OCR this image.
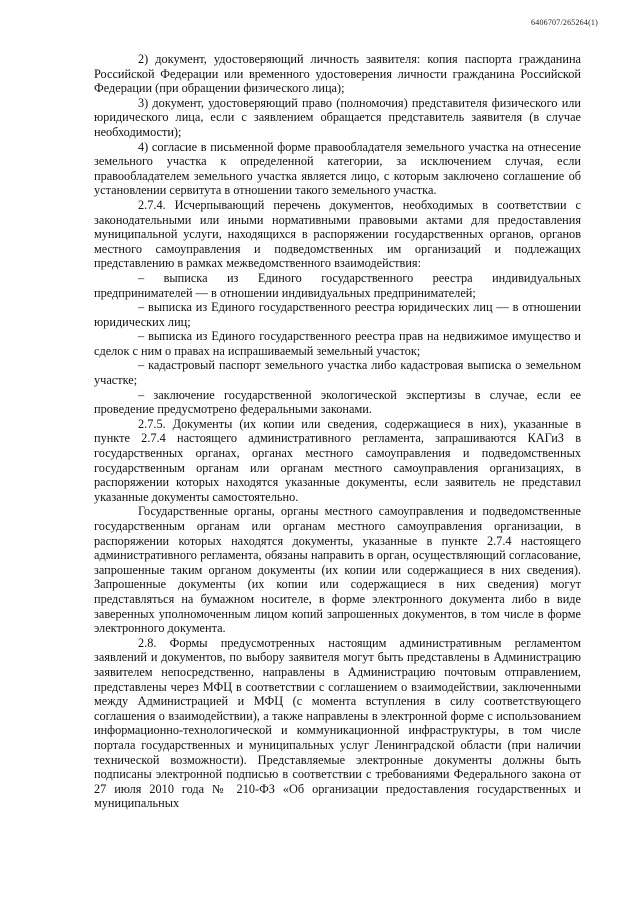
6406707/265264(1)

2) документ, удостоверяющий личность заявителя: копия паспорта гражданина Российской Федерации или временного удостоверения личности гражданина Российской Федерации (при обращении физического лица);

3) документ, удостоверяющий право (полномочия) представителя физического или юридического лица, если с заявлением обращается представитель заявителя (в случае необходимости);

4) согласие в письменной форме правообладателя земельного участка на отнесение земельного участка к определенной категории, за исключением случая, если правообладателем земельного участка является лицо, с которым заключено соглашение об установлении сервитута в отношении такого земельного участка.

2.7.4. Исчерпывающий перечень документов, необходимых в соответствии с законодательными или иными нормативными правовыми актами для предоставления муниципальной услуги, находящихся в распоряжении государственных органов, органов местного самоуправления и подведомственных им организаций и подлежащих представлению в рамках межведомственного взаимодействия:

– выписка из Единого государственного реестра индивидуальных предпринимателей — в отношении индивидуальных предпринимателей;

– выписка из Единого государственного реестра юридических лиц — в отношении юридических лиц;

– выписка из Единого государственного реестра прав на недвижимое имущество и сделок с ним о правах на испрашиваемый земельный участок;

– кадастровый паспорт земельного участка либо кадастровая выписка о земельном участке;

– заключение государственной экологической экспертизы в случае, если ее проведение предусмотрено федеральными законами.

2.7.5. Документы (их копии или сведения, содержащиеся в них), указанные в пункте 2.7.4 настоящего административного регламента, запрашиваются КАГиЗ в государственных органах, органах местного самоуправления и подведомственных государственным органам или органам местного самоуправления организациях, в распоряжении которых находятся указанные документы, если заявитель не представил указанные документы самостоятельно.

Государственные органы, органы местного самоуправления и подведомственные государственным органам или органам местного самоуправления организации, в распоряжении которых находятся документы, указанные в пункте 2.7.4 настоящего административного регламента, обязаны направить в орган, осуществляющий согласование, запрошенные таким органом документы (их копии или содержащиеся в них сведения). Запрошенные документы (их копии или содержащиеся в них сведения) могут представляться на бумажном носителе, в форме электронного документа либо в виде заверенных уполномоченным лицом копий запрошенных документов, в том числе в форме электронного документа.

2.8. Формы предусмотренных настоящим административным регламентом заявлений и документов, по выбору заявителя могут быть представлены в Администрацию заявителем непосредственно, направлены в Администрацию почтовым отправлением, представлены через МФЦ в соответствии с соглашением о взаимодействии, заключенными между Администрацией и МФЦ (с момента вступления в силу соответствующего соглашения о взаимодействии), а также направлены в электронной форме с использованием информационно-технологической и коммуникационной инфраструктуры, в том числе портала государственных и муниципальных услуг Ленинградской области (при наличии технической возможности). Представляемые электронные документы должны быть подписаны электронной подписью в соответствии с требованиями Федерального закона от 27 июля 2010 года № 210-ФЗ «Об организации предоставления государственных и муниципальных
